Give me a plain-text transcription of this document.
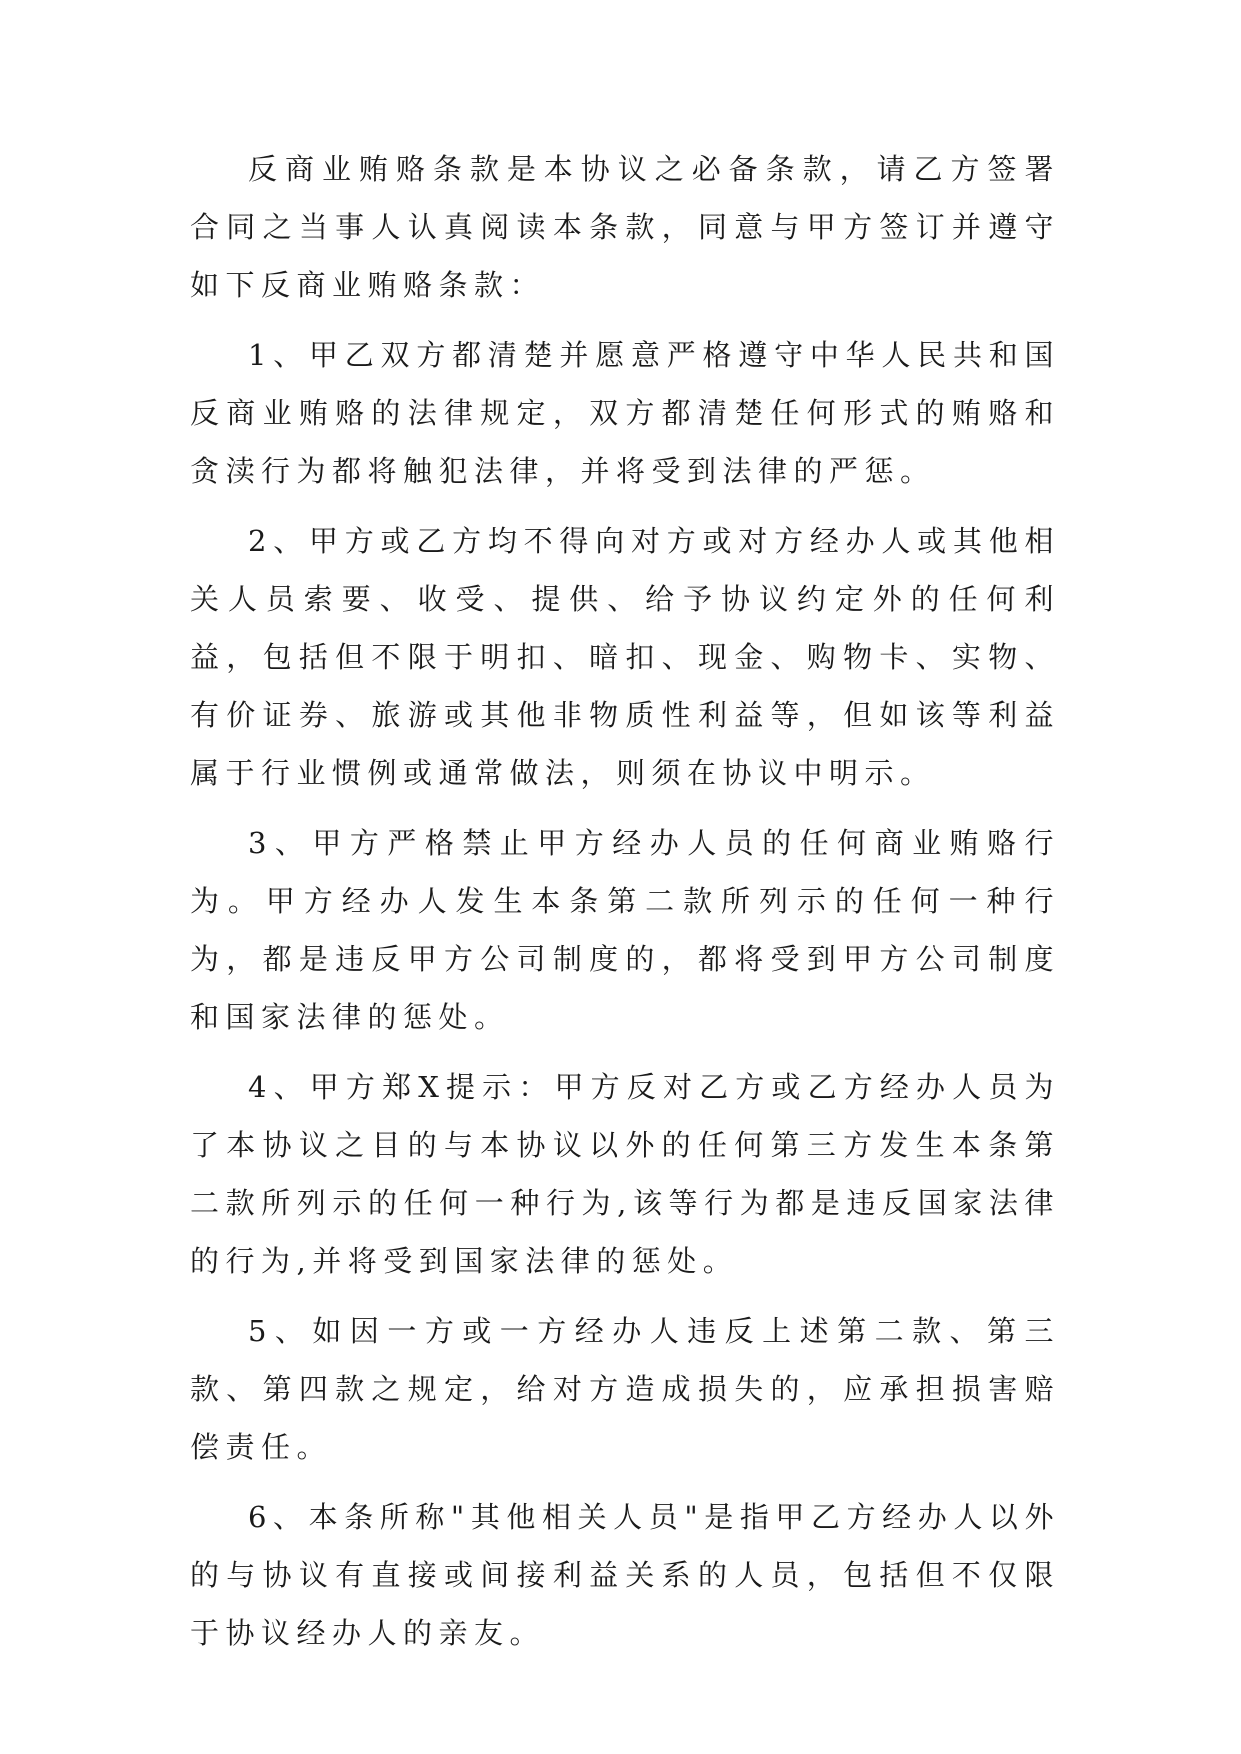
反商业贿赂条款是本协议之必备条款，请乙方签署合同之当事人认真阅读本条款，同意与甲方签订并遵守如下反商业贿赂条款：

1、甲乙双方都清楚并愿意严格遵守中华人民共和国反商业贿赂的法律规定，双方都清楚任何形式的贿赂和贪渎行为都将触犯法律，并将受到法律的严惩。

2、甲方或乙方均不得向对方或对方经办人或其他相关人员索要、收受、提供、给予协议约定外的任何利益，包括但不限于明扣、暗扣、现金、购物卡、实物、有价证券、旅游或其他非物质性利益等，但如该等利益属于行业惯例或通常做法，则须在协议中明示。

3、甲方严格禁止甲方经办人员的任何商业贿赂行为。甲方经办人发生本条第二款所列示的任何一种行为，都是违反甲方公司制度的，都将受到甲方公司制度和国家法律的惩处。

4、甲方郑X提示：甲方反对乙方或乙方经办人员为了本协议之目的与本协议以外的任何第三方发生本条第二款所列示的任何一种行为,该等行为都是违反国家法律的行为,并将受到国家法律的惩处。

5、如因一方或一方经办人违反上述第二款、第三款、第四款之规定，给对方造成损失的，应承担损害赔偿责任。

6、本条所称"其他相关人员"是指甲乙方经办人以外的与协议有直接或间接利益关系的人员，包括但不仅限于协议经办人的亲友。
